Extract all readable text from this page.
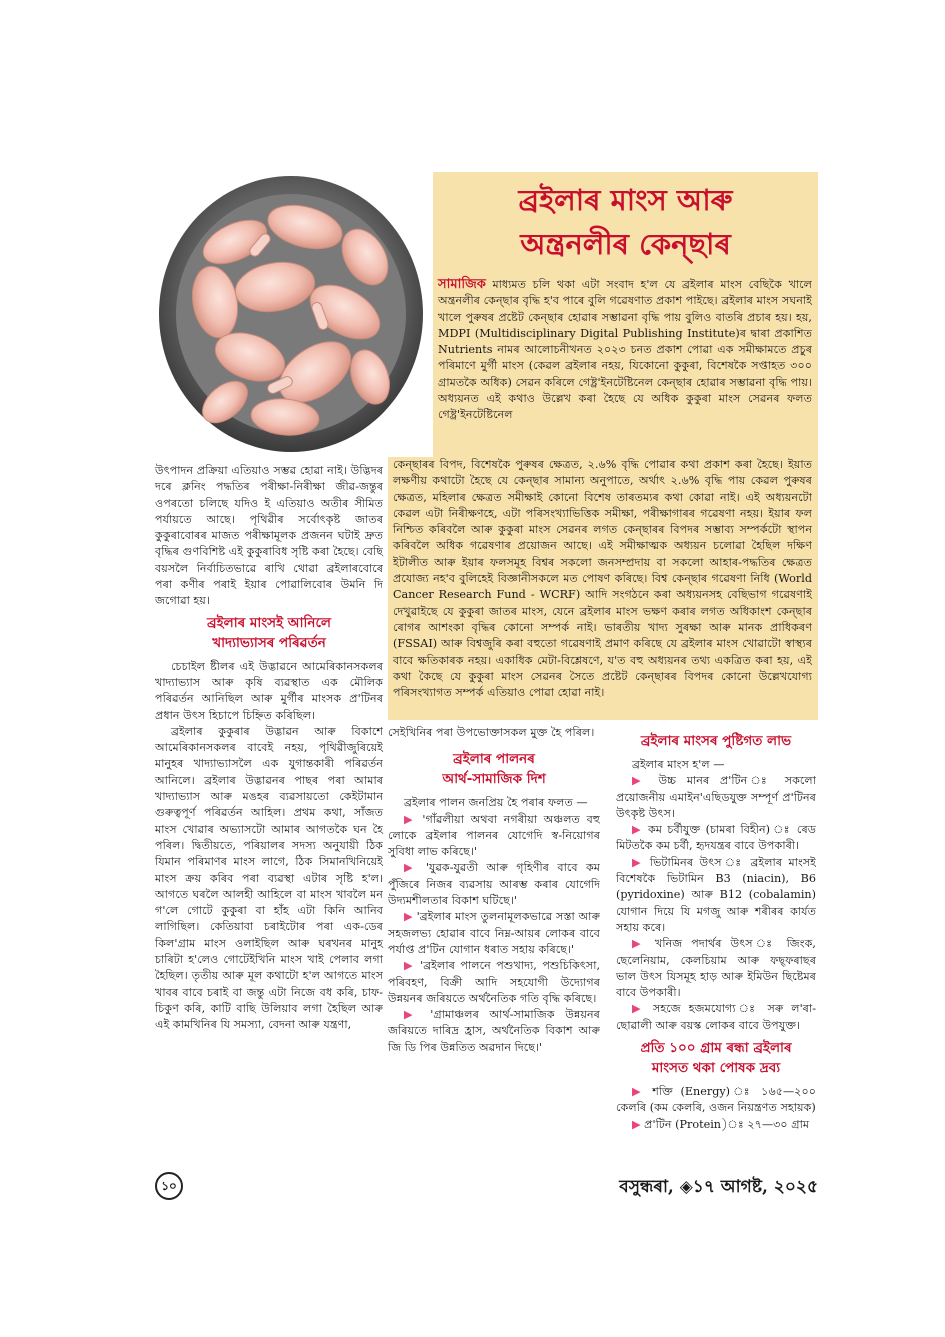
ব্ৰইলাৰ মাংস আৰু
অন্ত্ৰনলীৰ কেন্‌ছাৰ
সামাজিক মাধ্যমত চলি থকা এটা সংবাদ হ'ল যে ব্ৰইলাৰ মাংস বেছিকৈ খালে অন্ত্ৰনলীৰ কেন্‌ছাৰ বৃদ্ধি হ'ব পাৰে বুলি গৱেষণাত প্ৰকাশ পাইছে। ব্ৰইলাৰ মাংস সঘনাই খালে পুৰুষৰ প্ৰষ্টেট কেন্‌ছাৰ হোৱাৰ সম্ভাৱনা বৃদ্ধি পায় বুলিও বাতৰি প্ৰচাৰ হয়। হয়, MDPI (Multidisciplinary Digital Publishing Institute)ৰ দ্বাৰা প্ৰকাশিত Nutrients নামৰ আলোচনীখনত ২০২৩ চনত প্ৰকাশ পোৱা এক সমীক্ষামতে প্ৰচুৰ পৰিমাণে মুৰ্গী মাংস (কেৱল ব্ৰইলাৰ নহয়, যিকোনো কুকুৰা, বিশেষকৈ সপ্তাহত ৩০০ গ্ৰামতকৈ অধিক) সেৱন কৰিলে গেষ্ট্ৰ'ইনটেষ্টিনেল কেন্‌ছাৰ হোৱাৰ সম্ভাৱনা বৃদ্ধি পায়। অধ্যয়নত এই কথাও উল্লেখ কৰা হৈছে যে অধিক কুকুৰা মাংস সেৱনৰ ফলত গেষ্ট্ৰ'ইনটেষ্টিনেল
কেন্‌ছাৰৰ বিপদ, বিশেষকৈ পুৰুষৰ ক্ষেত্ৰত, ২.৬% বৃদ্ধি পোৱাৰ কথা প্ৰকাশ কৰা হৈছে। ইয়াত লক্ষণীয় কথাটো হৈছে যে কেন্‌ছাৰ সামান্য অনুপাতে, অৰ্থাৎ ২.৬% বৃদ্ধি পায় কেৱল পুৰুষৰ ক্ষেত্ৰত, মহিলাৰ ক্ষেত্ৰত সমীক্ষাই কোনো বিশেষ তাৰতম্যৰ কথা কোৱা নাই। এই অধ্যয়নটো কেৱল এটা নিৰীক্ষণহে, এটা পৰিসংখ্যাভিত্তিক সমীক্ষা, পৰীক্ষাগাৰৰ গৱেষণা নহয়। ইয়াৰ ফল নিশ্চিত কৰিবলৈ আৰু কুকুৰা মাংস সেৱনৰ লগত কেন্‌ছাৰৰ বিপদৰ সম্ভাব্য সম্পৰ্কটো স্থাপন কৰিবলৈ অধিক গৱেষণাৰ প্ৰয়োজন আছে। এই সমীক্ষাত্মক অধ্যয়ন চলোৱা হৈছিল দক্ষিণ ইটালীত আৰু ইয়াৰ ফলসমূহ বিশ্বৰ সকলো জনসম্প্ৰদায় বা সকলো আহাৰ-পদ্ধতিৰ ক্ষেত্ৰত প্ৰযোজ্য নহ'ব বুলিহেই বিজ্ঞানীসকলে মত পোষণ কৰিছে। বিশ্ব কেন্‌ছাৰ গৱেষণা নিধি (World Cancer Research Fund - WCRF) আদি সংগঠনে কৰা অধ্যয়নসহ বেছিভাগ গৱেষণাই দেখুৱাইছে যে কুকুৰা জাতৰ মাংস, যেনে ব্ৰইলাৰ মাংস ভক্ষণ কৰাৰ লগত অধিকাংশ কেন্‌ছাৰ ৰোগৰ আশংকা বৃদ্ধিৰ কোনো সম্পৰ্ক নাই। ভাৰতীয় খাদ্য সুৰক্ষা আৰু মানক প্ৰাধিকৰণ (FSSAI) আৰু বিশ্বজুৰি কৰা বহুতো গৱেষণাই প্ৰমাণ কৰিছে যে ব্ৰইলাৰ মাংস খোৱাটো স্বাস্থ্যৰ বাবে ক্ষতিকাৰক নহয়। একাধিক মেটা-বিশ্লেষণে, য'ত বহু অধ্যয়নৰ তথ্য একত্ৰিত কৰা হয়, এই কথা কৈছে যে কুকুৰা মাংস সেৱনৰ সৈতে প্ৰষ্টেট কেন্‌ছাৰৰ বিপদৰ কোনো উল্লেখযোগ্য পৰিসংখ্যাগত সম্পৰ্ক এতিয়াও পোৱা হোৱা নাই।

উৎপাদন প্ৰক্ৰিয়া এতিয়াও সম্ভৱ হোৱা নাই। উদ্ভিদৰ দৰে ক্লনিং পদ্ধতিৰ পৰীক্ষা-নিৰীক্ষা জীৱ-জন্তুৰ ওপৰতো চলিছে যদিও ই এতিয়াও অতীৰ সীমিত পৰ্যায়তে আছে। পৃথিৱীৰ সৰ্বোৎকৃষ্ট জাতৰ কুকুৰাবোৰৰ মাজত পৰীক্ষামূলক প্ৰজনন ঘটাই দ্ৰুত বৃদ্ধিৰ গুণবিশিষ্ট এই কুকুৰাবিধ সৃষ্টি কৰা হৈছে। বেছি বয়সলৈ নিৰ্বাচিতভাৱে ৰাখি থোৱা ব্ৰইলাৰবোৰে পৰা কণীৰ পৰাই ইয়াৰ পোৱালিবোৰ উমনি দি জগোৱা হয়।

ব্ৰইলাৰ মাংসই আনিলে
খাদ্যাভ্যাসৰ পৰিৱৰ্তন

চেচাইল ষ্টীলৰ এই উদ্ভাৱনে আমেৰিকানসকলৰ খাদ্যাভ্যাস আৰু কৃষি ব্যৱস্থাত এক মৌলিক পৰিৱৰ্তন আনিছিল আৰু মুৰ্গীৰ মাংসক প্ৰ'টিনৰ প্ৰধান উৎস হিচাপে চিহ্নিত কৰিছিল।

ব্ৰইলাৰ কুকুৰাৰ উদ্ভাৱন আৰু বিকাশে আমেৰিকানসকলৰ বাবেই নহয়, পৃথিৱীজুৰিয়েই মানুহৰ খাদ্যাভ্যাসলৈ এক যুগান্তকাৰী পৰিৱৰ্তন আনিলে। ব্ৰইলাৰ উদ্ভাৱনৰ পাছৰ পৰা আমাৰ খাদ্যাভ্যাস আৰু মঙহৰ ব্যৱসায়তো কেইটামান গুৰুত্বপূৰ্ণ পৰিৱৰ্তন আহিল। প্ৰথম কথা, সাঁজত মাংস খোৱাৰ অভ্যাসটো আমাৰ আগতকৈ ঘন হৈ পৰিল। দ্বিতীয়তে, পৰিয়ালৰ সদস্য অনুযায়ী ঠিক যিমান পৰিমাণৰ মাংস লাগে, ঠিক সিমানখিনিয়েই মাংস ক্ৰয় কৰিব পৰা ব্যৱস্থা এটাৰ সৃষ্টি হ'ল। আগতে ঘৰলৈ আলহী আহিলে বা মাংস খাবলৈ মন গ'লে গোটে কুকুৰা বা হাঁহ এটা কিনি আনিব লাগিছিল। কেতিয়াবা চৰাইটোৰ পৰা এক-ডেৰ কিল'গ্ৰাম মাংস ওলাইছিল আৰু ঘৰখনৰ মানুহ চাৰিটা হ'লেও গোটেইখিনি মাংস খাই পেলাব লগা হৈছিল। তৃতীয় আৰু মূল কথাটো হ'ল আগতে মাংস খাবৰ বাবে চৰাই বা জন্তু এটা নিজে বধ কৰি, চাফ-চিকুণ কৰি, কাটি বাছি উলিয়াব লগা হৈছিল আৰু এই কামখিনিৰ যি সমস্যা, বেদনা আৰু যন্ত্ৰণা,

সেইখিনিৰ পৰা উপভোক্তাসকল মুক্ত হৈ পৰিল।

ব্ৰইলাৰ পালনৰ
আৰ্থ-সামাজিক দিশ

ব্ৰইলাৰ পালন জনপ্ৰিয় হৈ পৰাৰ ফলত —

▶ 'গাঁৱলীয়া অথবা নগৰীয়া অঞ্চলত বহু লোকে ব্ৰইলাৰ পালনৰ যোগেদি স্ব-নিয়োগৰ সুবিধা লাভ কৰিছে।'

▶ 'যুৱক-যুৱতী আৰু গৃহিণীৰ বাবে কম পুঁজিৰে নিজৰ ব্যৱসায় আৰম্ভ কৰাৰ যোগেদি উদ্যমশীলতাৰ বিকাশ ঘটিছে।'

▶ 'ব্ৰইলাৰ মাংস তুলনামূলকভাৱে সস্তা আৰু সহজলভ্য হোৱাৰ বাবে নিম্ন-আয়ৰ লোকৰ বাবে পৰ্যাপ্ত প্ৰ'টিন যোগান ধৰাত সহায় কৰিছে।'

▶ 'ব্ৰইলাৰ পালনে পশুখাদ্য, পশুচিকিৎসা, পৰিবহণ, বিক্ৰী আদি সহযোগী উদ্যোগৰ উন্নয়নৰ জৰিয়তে অৰ্থনৈতিক গতি বৃদ্ধি কৰিছে।

▶ 'গ্ৰামাঞ্চলৰ আৰ্থ-সামাজিক উন্নয়নৰ জৰিয়তে দাৰিদ্ৰ হ্ৰাস, অৰ্থনৈতিক বিকাশ আৰু জি ডি পিৰ উন্নতিত অৱদান দিছে।'

ব্ৰইলাৰ মাংসৰ পুষ্টিগত লাভ

ব্ৰইলাৰ মাংস হ'ল —

▶ উচ্চ মানৰ প্ৰ'টিন ঃ সকলো প্ৰয়োজনীয় এমাইন'এছিডযুক্ত সম্পূৰ্ণ প্ৰ'টিনৰ উৎকৃষ্ট উৎস।

▶ কম চৰ্বীযুক্ত (চামৰা বিহীন) ঃ ৰেড মিটতকৈ কম চৰ্বী, হৃদযন্ত্ৰৰ বাবে উপকাৰী।

▶ ভিটামিনৰ উৎস ঃ ব্ৰইলাৰ মাংসই বিশেষকৈ ভিটামিন B3 (niacin), B6 (pyridoxine) আৰু B12 (cobalamin) যোগান দিয়ে যি মগজু আৰু শৰীৰৰ কাৰ্যত সহায় কৰে।

▶ খনিজ পদাৰ্থৰ উৎস ঃ জিংক, ছেলেনিয়াম, কেলচিয়াম আৰু ফছ্‌ফৰাছৰ ভাল উৎস যিসমূহ হাড় আৰু ইমিউন ছিষ্টেমৰ বাবে উপকাৰী।

▶ সহজে হজমযোগ্য ঃ সৰু ল'ৰা-ছোৱালী আৰু বয়স্ক লোকৰ বাবে উপযুক্ত।

প্ৰতি ১০০ গ্ৰাম ৰন্ধা ব্ৰইলাৰ
মাংসত থকা পোষক দ্ৰব্য

▶ শক্তি (Energy) ঃ ১৬৫—২০০ কেলৰি (কম কেলৰি, ওজন নিয়ন্ত্ৰণত সহায়ক)

▶ প্ৰ'টিন (Protein)ঃ ২৭—৩০ গ্ৰাম

১০	বসুন্ধৰা, ◈১৭ আগষ্ট, ২০২৫
